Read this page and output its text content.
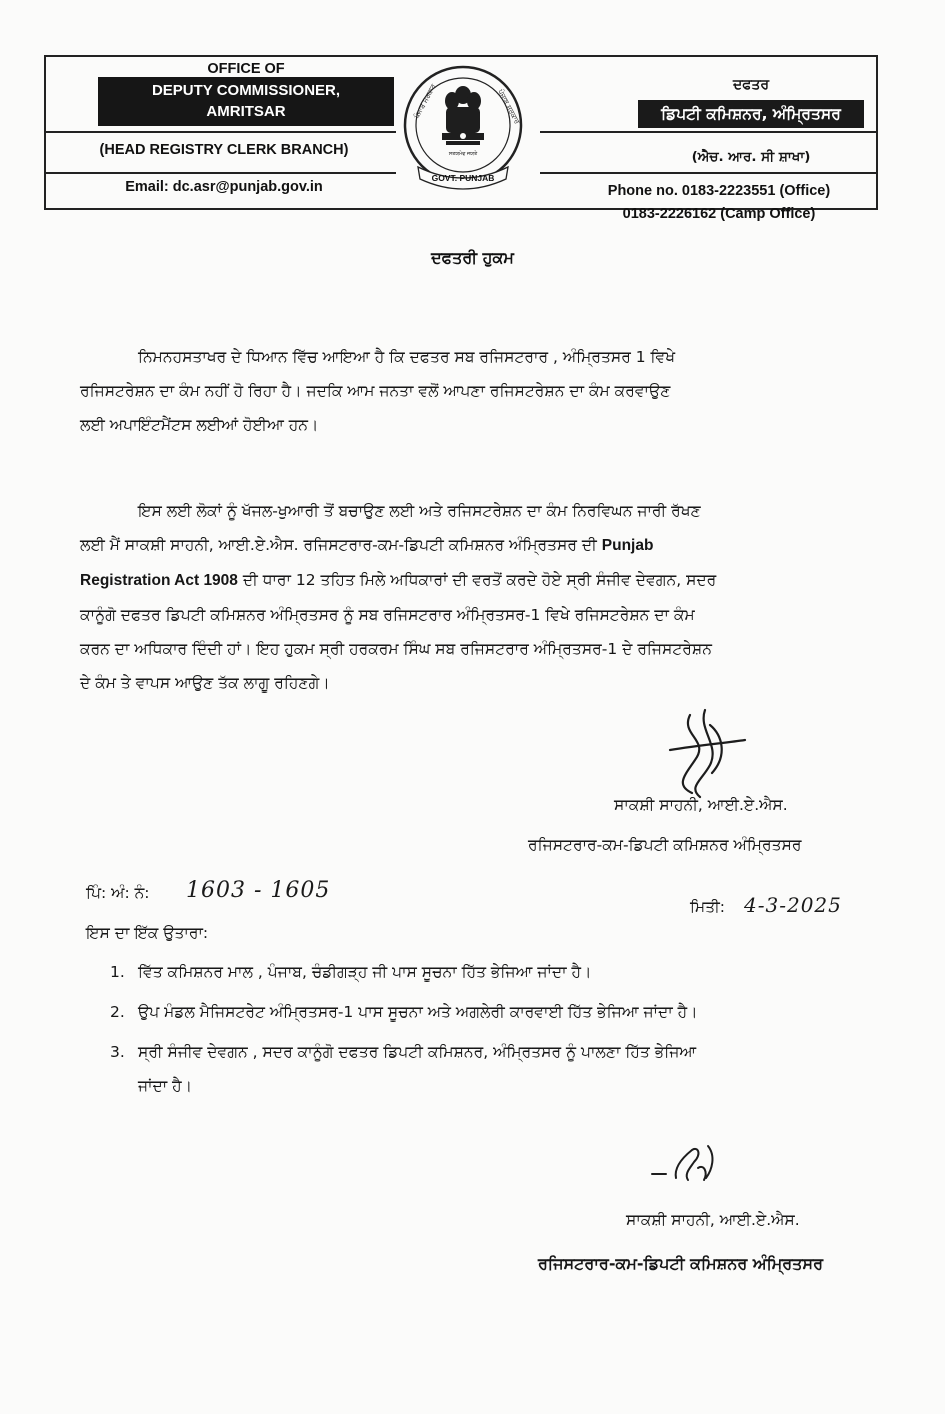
OFFICE OF
DEPUTY COMMISSIONER,
AMRITSAR
(HEAD REGISTRY CLERK BRANCH)
Email: dc.asr@punjab.gov.in
ਪੰਜਾਬ ਸਰਕਾਰ	ਪੰਜਾਬ ਸਰਕਾਰ
ਸਤਯਮੇਵ ਜਯਤੇ
GOVT. PUNJAB
ਦਫਤਰ
ਡਿਪਟੀ ਕਮਿਸ਼ਨਰ, ਅੰਮ੍ਰਿਤਸਰ
(ਐਚ. ਆਰ. ਸੀ ਸ਼ਾਖਾ)
Phone no. 0183-2223551 (Office)
0183-2226162 (Camp Office)
ਦਫਤਰੀ ਹੁਕਮ
ਨਿਮਨਹਸਤਾਖਰ ਦੇ ਧਿਆਨ ਵਿੱਚ ਆਇਆ ਹੈ ਕਿ ਦਫਤਰ ਸਬ ਰਜਿਸਟਰਾਰ , ਅੰਮ੍ਰਿਤਸਰ 1 ਵਿਖੇ
ਰਜਿਸਟਰੇਸ਼ਨ ਦਾ ਕੰਮ ਨਹੀਂ ਹੋ ਰਿਹਾ ਹੈ। ਜਦਕਿ ਆਮ ਜਨਤਾ ਵਲੋਂ ਆਪਣਾ ਰਜਿਸਟਰੇਸ਼ਨ ਦਾ ਕੰਮ ਕਰਵਾਉਣ
ਲਈ ਅਪਾਇੰਟਮੈਂਟਸ ਲਈਆਂ ਹੋਈਆ ਹਨ।
ਇਸ ਲਈ ਲੋਕਾਂ ਨੂੰ ਖੱਜਲ-ਖੁਆਰੀ ਤੋਂ ਬਚਾਉਣ ਲਈ ਅਤੇ ਰਜਿਸਟਰੇਸ਼ਨ ਦਾ ਕੰਮ ਨਿਰਵਿਘਨ ਜਾਰੀ ਰੱਖਣ
ਲਈ ਮੈਂ ਸਾਕਸ਼ੀ ਸਾਹਨੀ, ਆਈ.ਏ.ਐਸ. ਰਜਿਸਟਰਾਰ-ਕਮ-ਡਿਪਟੀ ਕਮਿਸ਼ਨਰ ਅੰਮ੍ਰਿਤਸਰ ਦੀ Punjab
Registration Act 1908 ਦੀ ਧਾਰਾ 12 ਤਹਿਤ ਮਿਲੇ ਅਧਿਕਾਰਾਂ ਦੀ ਵਰਤੋਂ ਕਰਦੇ ਹੋਏ ਸ੍ਰੀ ਸੰਜੀਵ ਦੇਵਗਨ, ਸਦਰ
ਕਾਨੂੰਗੋ ਦਫਤਰ ਡਿਪਟੀ ਕਮਿਸ਼ਨਰ ਅੰਮ੍ਰਿਤਸਰ ਨੂੰ ਸਬ ਰਜਿਸਟਰਾਰ ਅੰਮ੍ਰਿਤਸਰ-1 ਵਿਖੇ ਰਜਿਸਟਰੇਸ਼ਨ ਦਾ ਕੰਮ
ਕਰਨ ਦਾ ਅਧਿਕਾਰ ਦਿੰਦੀ ਹਾਂ। ਇਹ ਹੁਕਮ ਸ੍ਰੀ ਹਰਕਰਮ ਸਿੰਘ ਸਬ ਰਜਿਸਟਰਾਰ ਅੰਮ੍ਰਿਤਸਰ-1 ਦੇ ਰਜਿਸਟਰੇਸ਼ਨ
ਦੇ ਕੰਮ ਤੇ ਵਾਪਸ ਆਉਣ ਤੱਕ ਲਾਗੂ ਰਹਿਣਗੇ।
ਸਾਕਸ਼ੀ ਸਾਹਨੀ, ਆਈ.ਏ.ਐਸ.
ਰਜਿਸਟਰਾਰ-ਕਮ-ਡਿਪਟੀ ਕਮਿਸ਼ਨਰ ਅੰਮ੍ਰਿਤਸਰ
ਪਿੰ: ਅੰ: ਨੰ: 1603 - 1605
ਮਿਤੀ: 4-3-2025
ਇਸ ਦਾ ਇੱਕ ਉਤਾਰਾ:
1. ਵਿੱਤ ਕਮਿਸ਼ਨਰ ਮਾਲ , ਪੰਜਾਬ, ਚੰਡੀਗੜ੍ਹ ਜੀ ਪਾਸ ਸੂਚਨਾ ਹਿੱਤ ਭੇਜਿਆ ਜਾਂਦਾ ਹੈ।
2. ਉਪ ਮੰਡਲ ਮੈਜਿਸਟਰੇਟ ਅੰਮ੍ਰਿਤਸਰ-1 ਪਾਸ ਸੂਚਨਾ ਅਤੇ ਅਗਲੇਰੀ ਕਾਰਵਾਈ ਹਿੱਤ ਭੇਜਿਆ ਜਾਂਦਾ ਹੈ।
3. ਸ੍ਰੀ ਸੰਜੀਵ ਦੇਵਗਨ , ਸਦਰ ਕਾਨੂੰਗੋ ਦਫਤਰ ਡਿਪਟੀ ਕਮਿਸ਼ਨਰ, ਅੰਮ੍ਰਿਤਸਰ ਨੂੰ ਪਾਲਣਾ ਹਿੱਤ ਭੇਜਿਆ
ਜਾਂਦਾ ਹੈ।
ਸਾਕਸ਼ੀ ਸਾਹਨੀ, ਆਈ.ਏ.ਐਸ.
ਰਜਿਸਟਰਾਰ-ਕਮ-ਡਿਪਟੀ ਕਮਿਸ਼ਨਰ ਅੰਮ੍ਰਿਤਸਰ
